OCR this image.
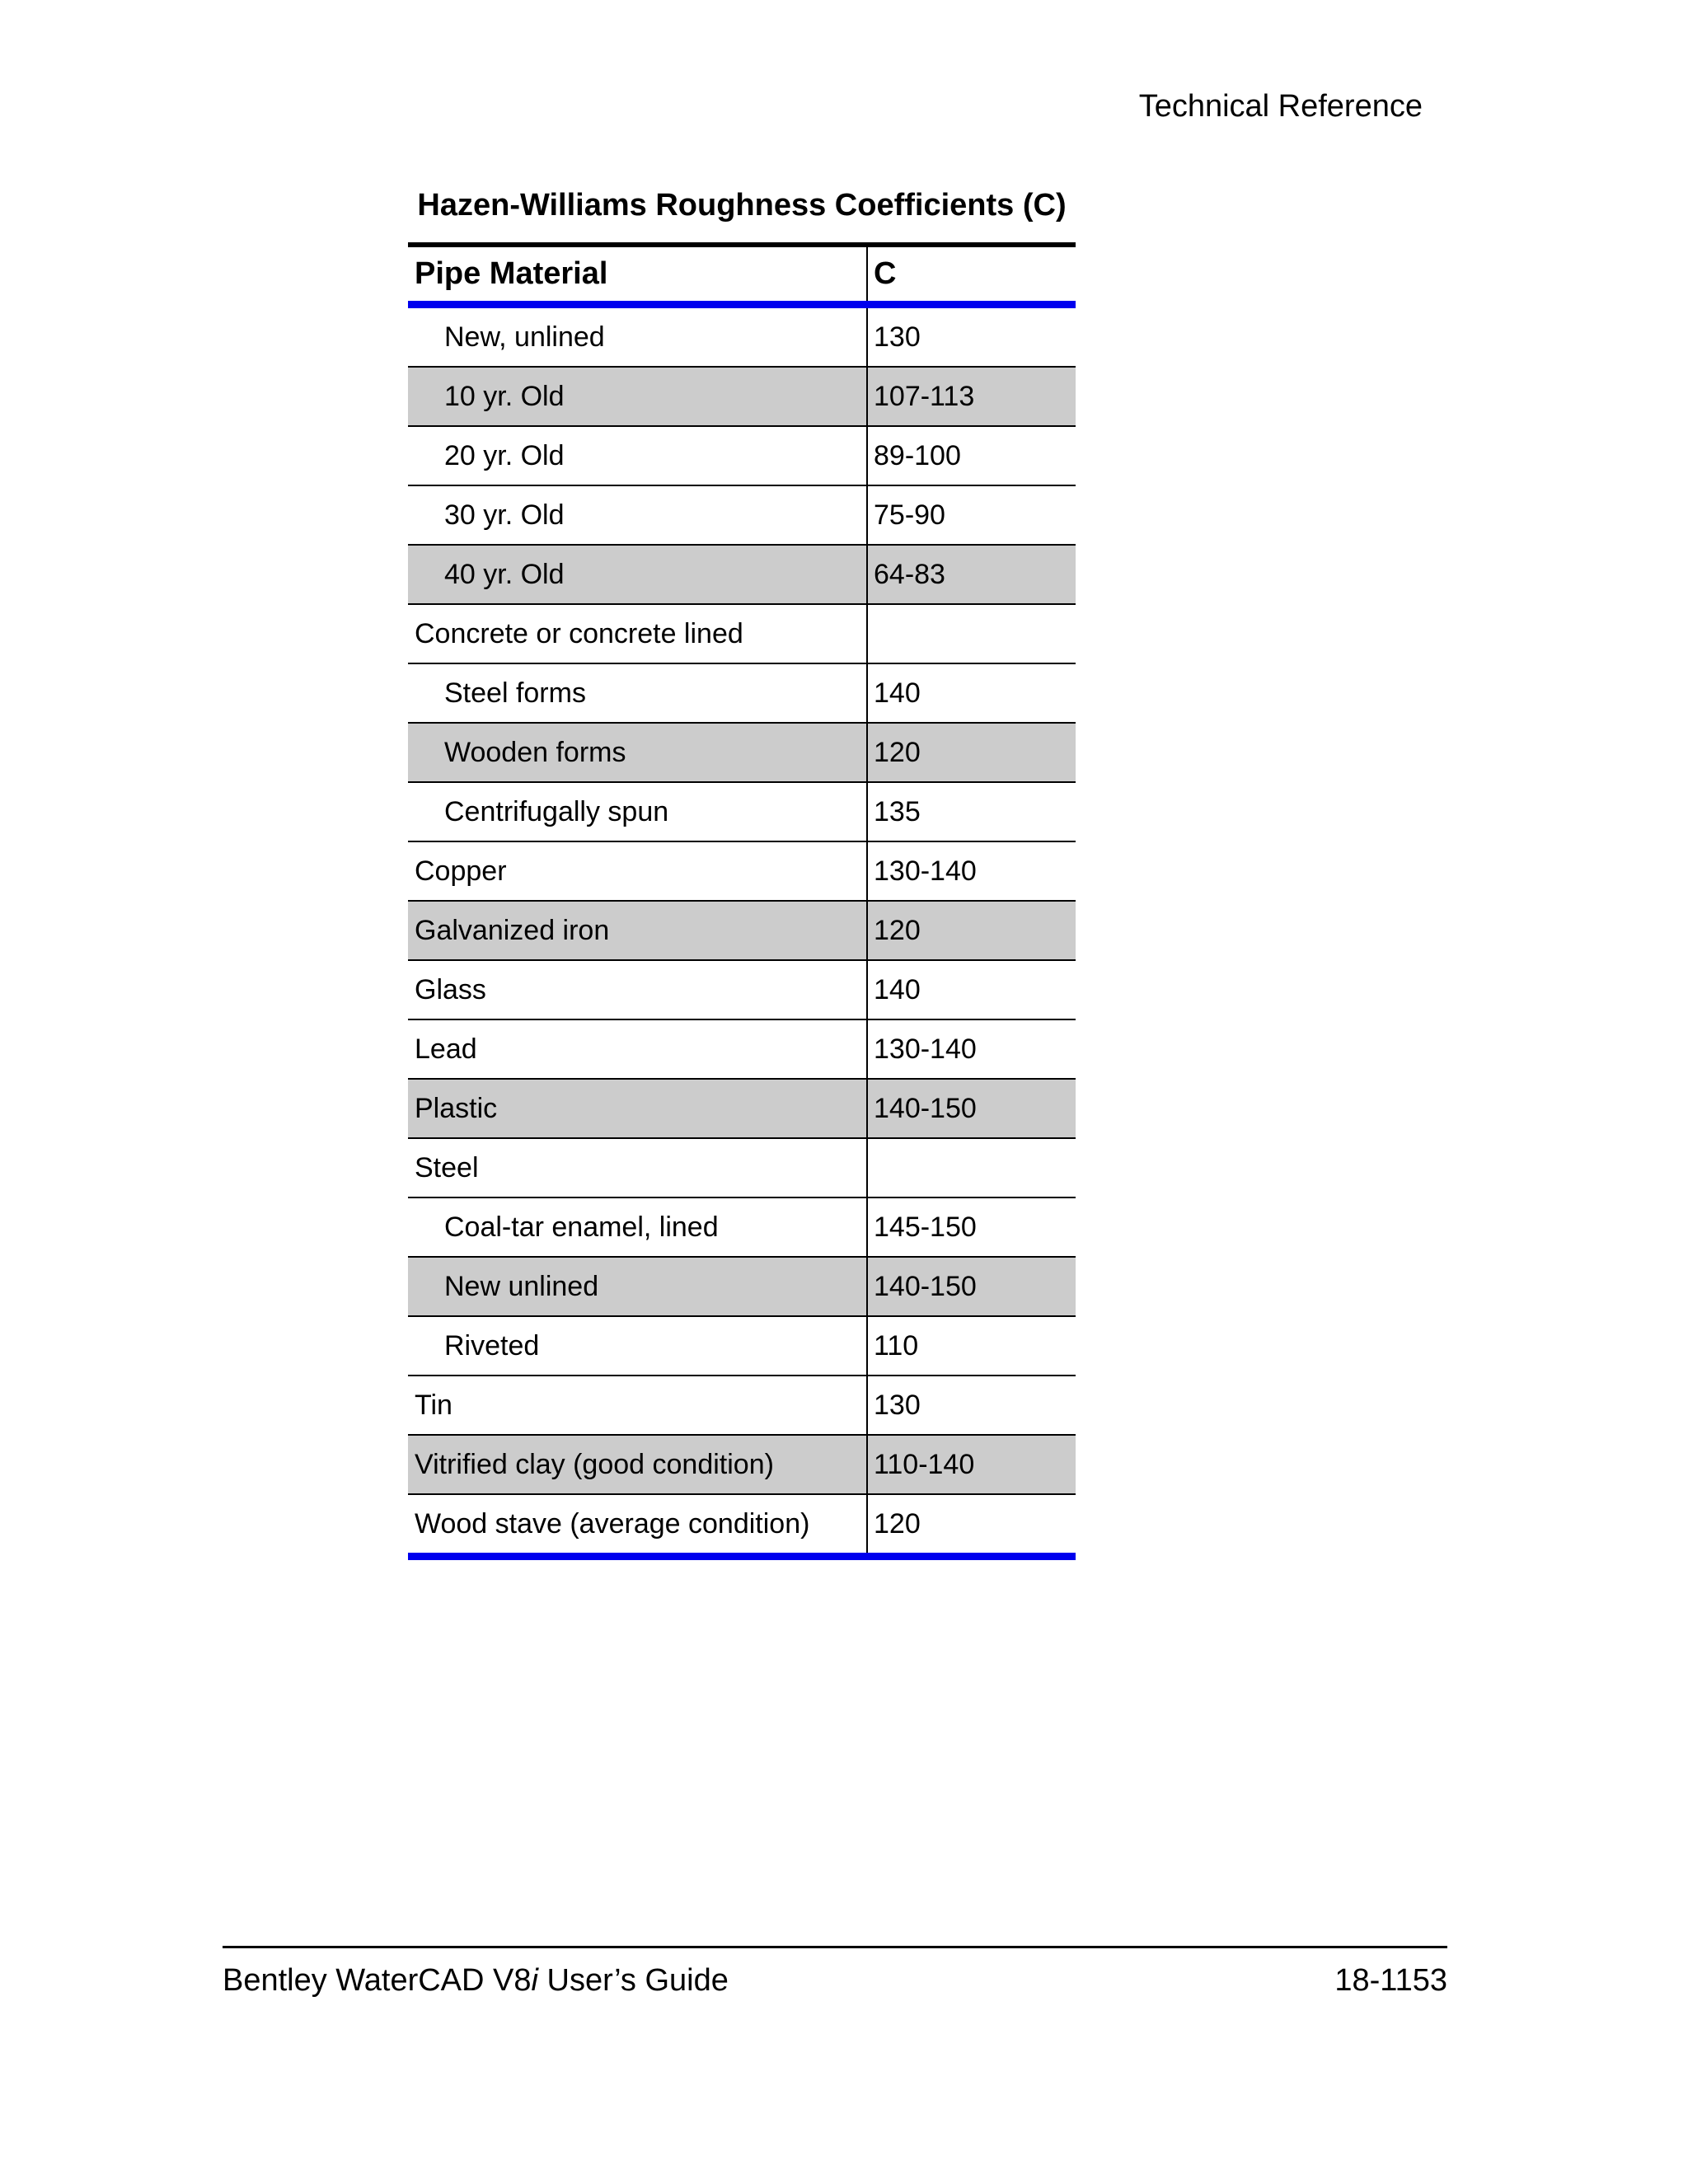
Technical Reference
Hazen-Williams Roughness Coefficients (C)
Pipe Material	C
New, unlined	130
10 yr. Old	107-113
20 yr. Old	89-100
30 yr. Old	75-90
40 yr. Old	64-83
Concrete or concrete lined
Steel forms	140
Wooden forms	120
Centrifugally spun	135
Copper	130-140
Galvanized iron	120
Glass	140
Lead	130-140
Plastic	140-150
Steel
Coal-tar enamel, lined	145-150
New unlined	140-150
Riveted	110
Tin	130
Vitrified clay (good condition)	110-140
Wood stave (average condition)	120
Bentley WaterCAD V8i User’s Guide	18-1153
